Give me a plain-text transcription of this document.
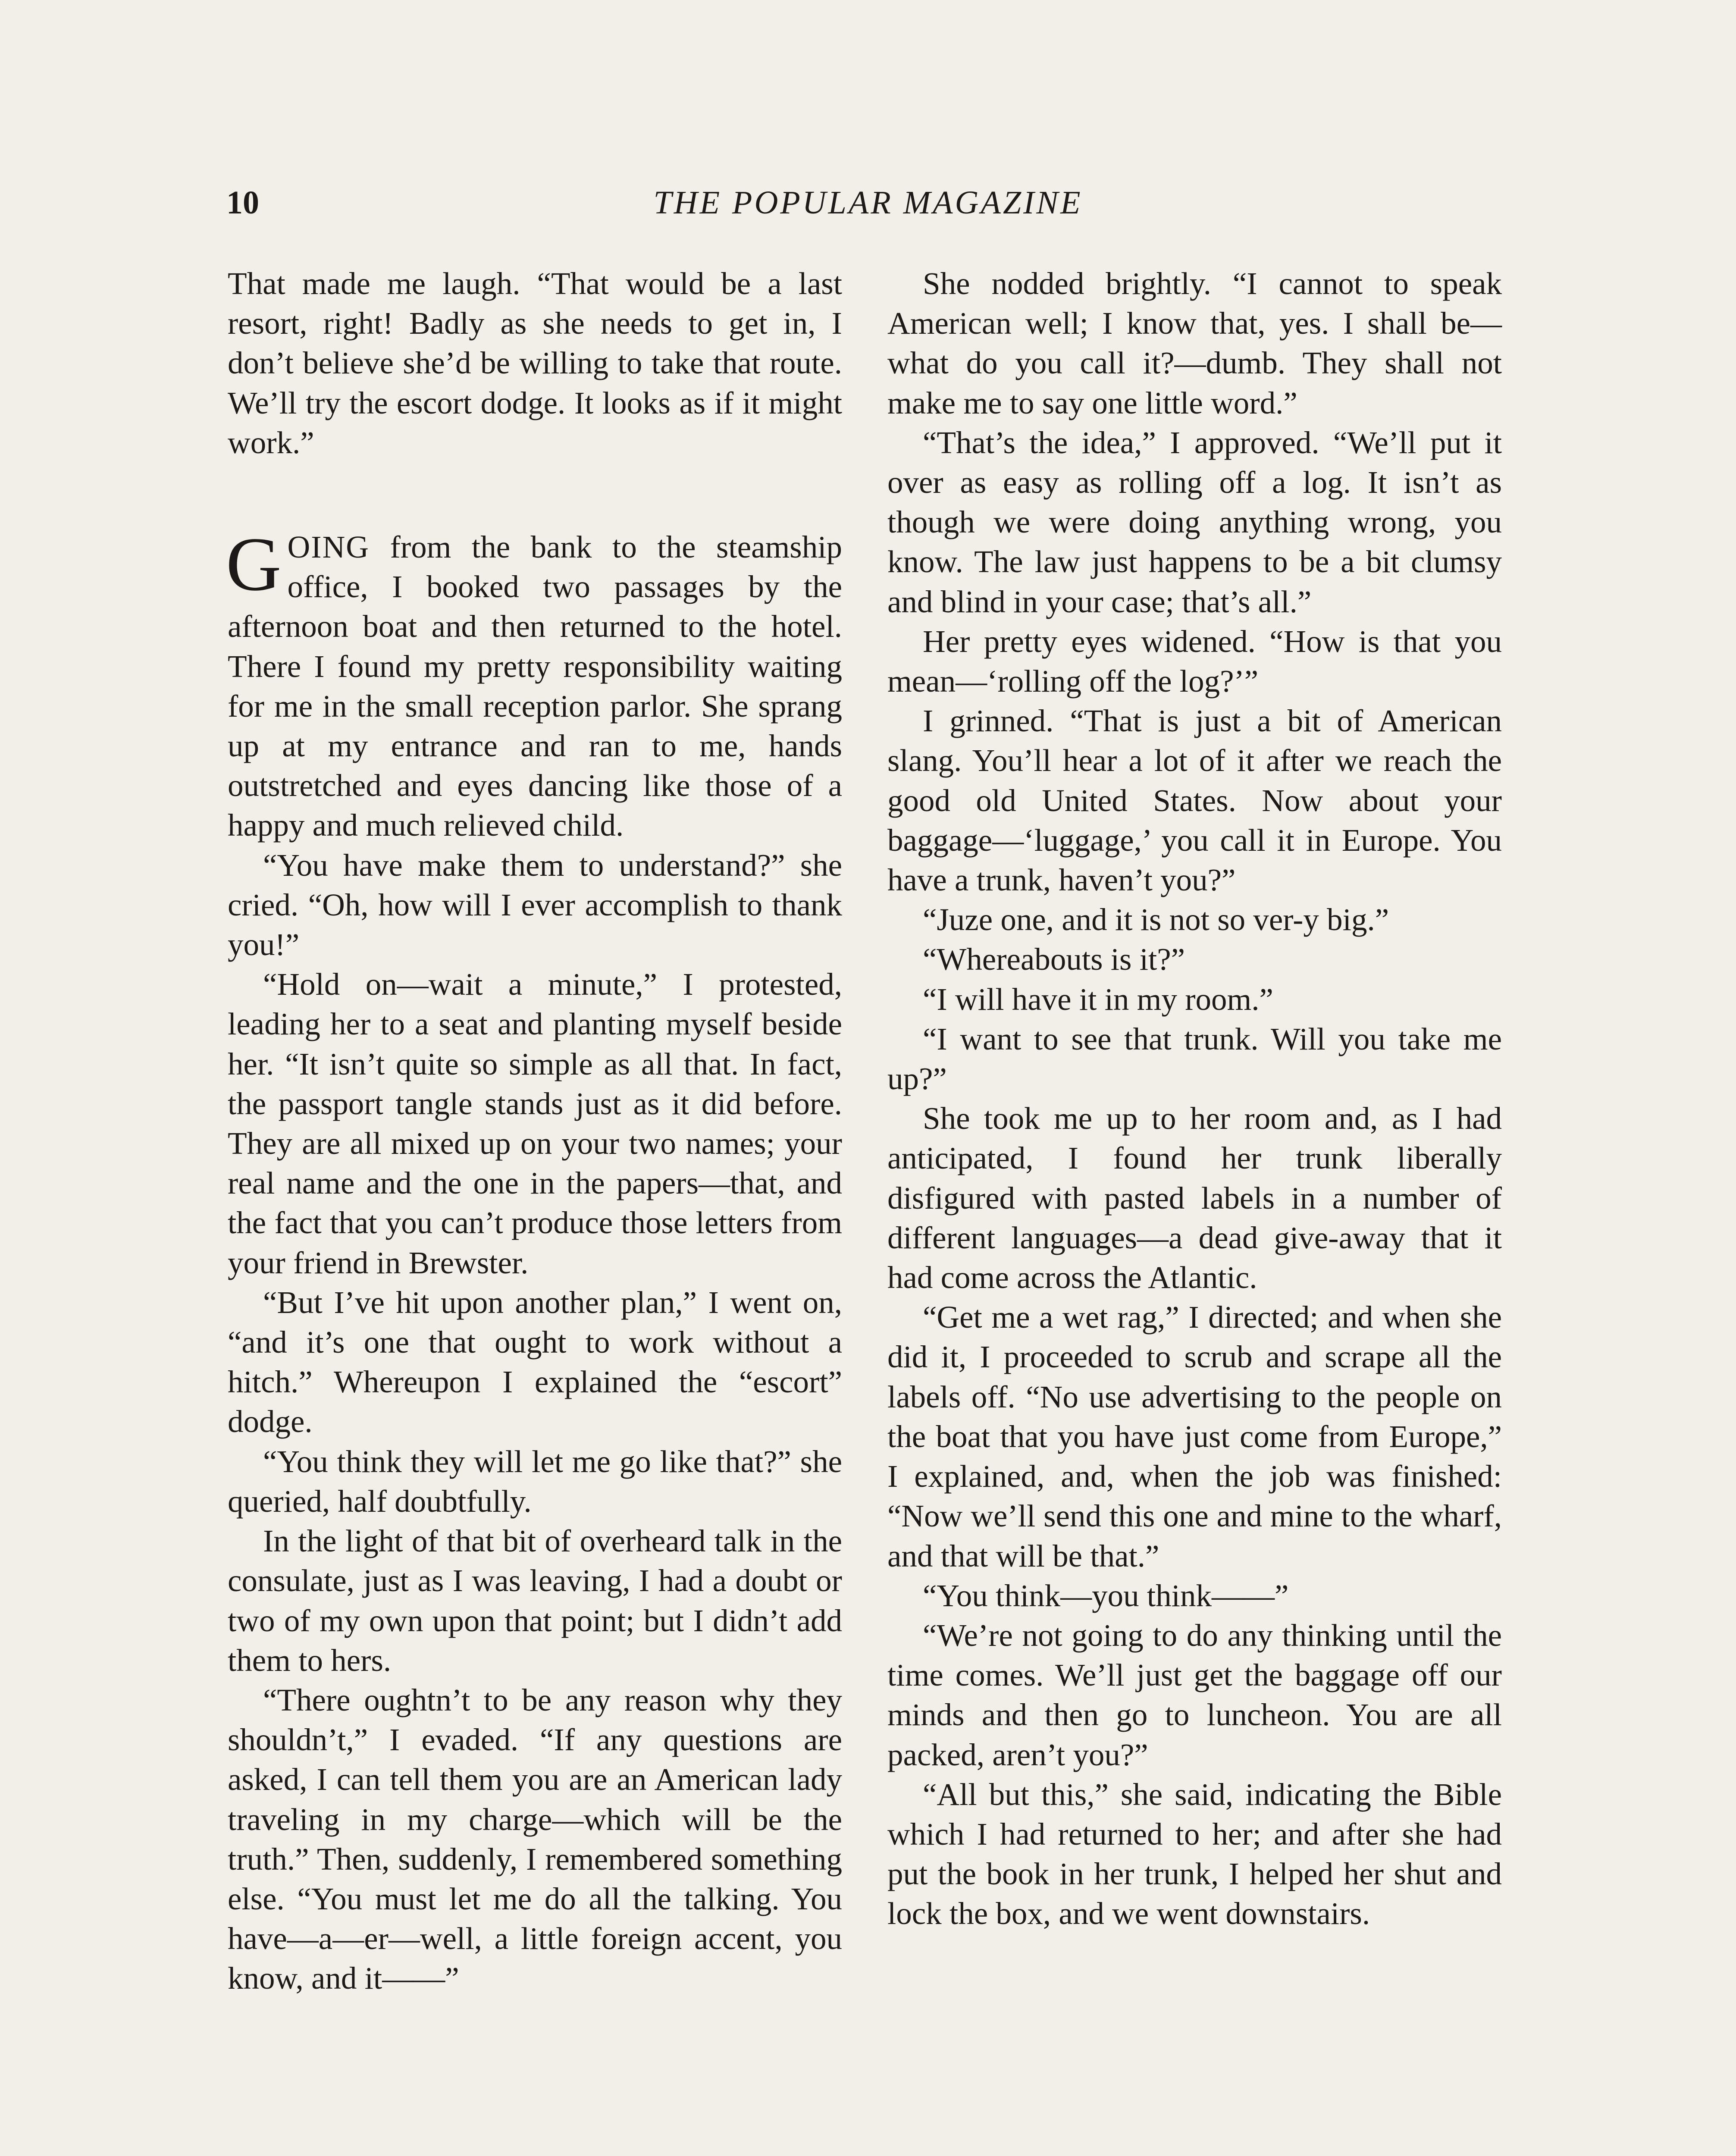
10	THE POPULAR MAGAZINE

That made me laugh. “That would be a last resort, right! Badly as she needs to get in, I don’t believe she’d be willing to take that route. We’ll try the escort dodge. It looks as if it might work.”

GOING from the bank to the steamship office, I booked two passages by the afternoon boat and then returned to the hotel. There I found my pretty responsibility waiting for me in the small reception parlor. She sprang up at my entrance and ran to me, hands outstretched and eyes dancing like those of a happy and much relieved child.

“You have make them to understand?” she cried. “Oh, how will I ever accomplish to thank you!”

“Hold on—wait a minute,” I protested, leading her to a seat and planting myself beside her. “It isn’t quite so simple as all that. In fact, the passport tangle stands just as it did before. They are all mixed up on your two names; your real name and the one in the papers—that, and the fact that you can’t produce those letters from your friend in Brewster.

“But I’ve hit upon another plan,” I went on, “and it’s one that ought to work without a hitch.” Whereupon I explained the “escort” dodge.

“You think they will let me go like that?” she queried, half doubtfully.

In the light of that bit of overheard talk in the consulate, just as I was leaving, I had a doubt or two of my own upon that point; but I didn’t add them to hers.

“There oughtn’t to be any reason why they shouldn’t,” I evaded. “If any questions are asked, I can tell them you are an American lady traveling in my charge—which will be the truth.” Then, suddenly, I remembered something else. “You must let me do all the talking. You have—a—er—well, a little foreign accent, you know, and it——”

She nodded brightly. “I cannot to speak American well; I know that, yes. I shall be—what do you call it?—dumb. They shall not make me to say one little word.”

“That’s the idea,” I approved. “We’ll put it over as easy as rolling off a log. It isn’t as though we were doing anything wrong, you know. The law just happens to be a bit clumsy and blind in your case; that’s all.”

Her pretty eyes widened. “How is that you mean—‘rolling off the log?’”

I grinned. “That is just a bit of American slang. You’ll hear a lot of it after we reach the good old United States. Now about your baggage—‘luggage,’ you call it in Europe. You have a trunk, haven’t you?”

“Juze one, and it is not so ver-y big.”

“Whereabouts is it?”

“I will have it in my room.”

“I want to see that trunk. Will you take me up?”

She took me up to her room and, as I had anticipated, I found her trunk liberally disfigured with pasted labels in a number of different languages—a dead give-away that it had come across the Atlantic.

“Get me a wet rag,” I directed; and when she did it, I proceeded to scrub and scrape all the labels off. “No use advertising to the people on the boat that you have just come from Europe,” I explained, and, when the job was finished: “Now we’ll send this one and mine to the wharf, and that will be that.”

“You think—you think——”

“We’re not going to do any thinking until the time comes. We’ll just get the baggage off our minds and then go to luncheon. You are all packed, aren’t you?”

“All but this,” she said, indicating the Bible which I had returned to her; and after she had put the book in her trunk, I helped her shut and lock the box, and we went downstairs.
